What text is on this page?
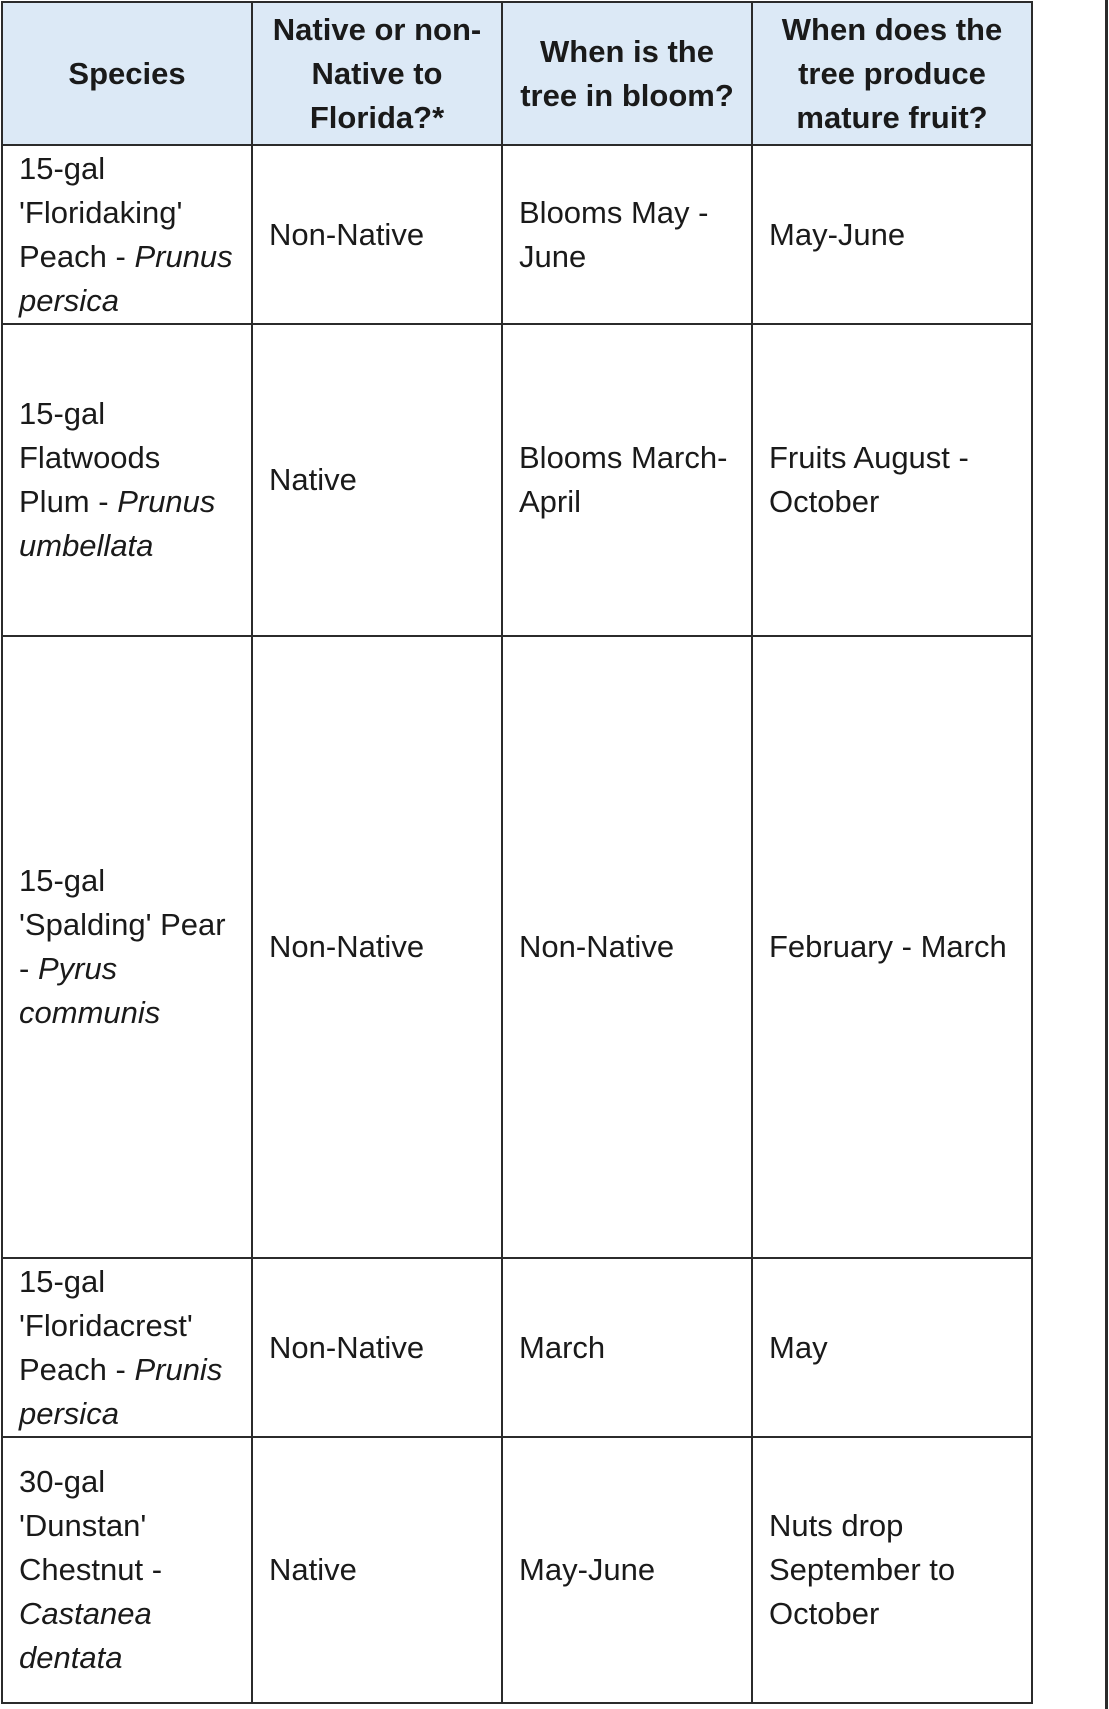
Species	Native or non-Native to Florida?*	When is the tree in bloom?	When does the tree produce mature fruit?
15-gal 'Floridaking' Peach - Prunus persica	Non-Native	Blooms May - June	May-June
15-gal Flatwoods Plum - Prunus umbellata	Native	Blooms March-April	Fruits August - October
15-gal 'Spalding' Pear - Pyrus communis	Non-Native	Non-Native	February - March
15-gal 'Floridacrest' Peach - Prunis persica	Non-Native	March	May
30-gal 'Dunstan' Chestnut - Castanea dentata	Native	May-June	Nuts drop September to October
